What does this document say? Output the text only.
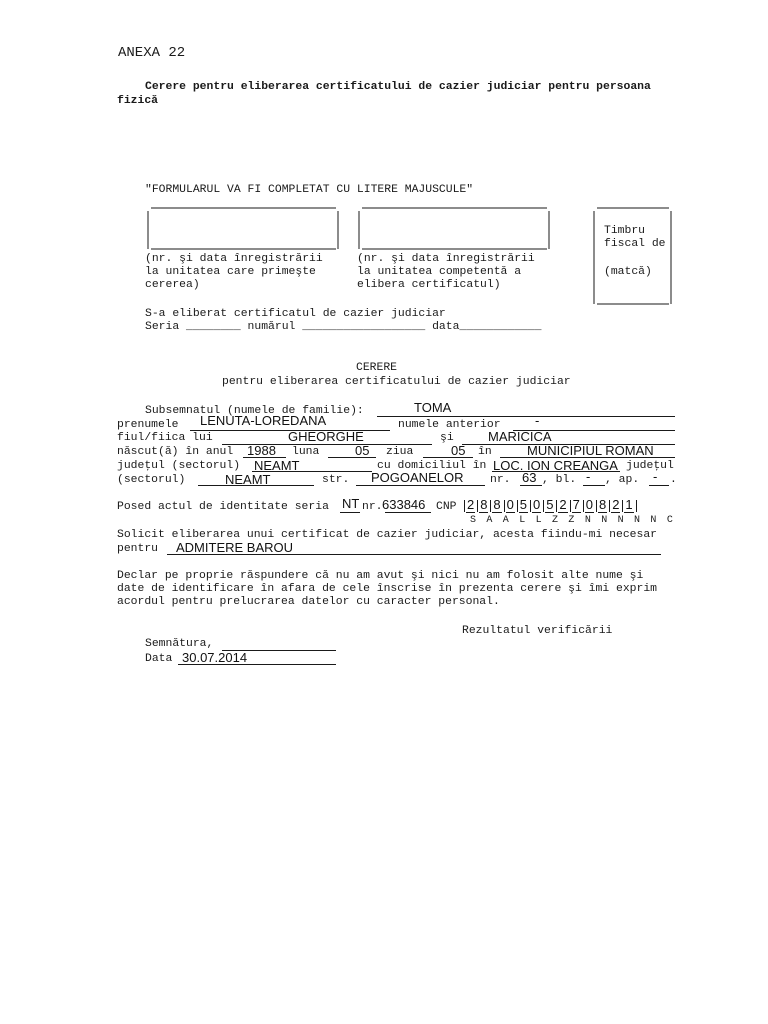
ANEXA 22
Cerere pentru eliberarea certificatului de cazier judiciar pentru persoana
fizică
"FORMULARUL VA FI COMPLETAT CU LITERE MAJUSCULE"
(nr. şi data înregistrării
la unitatea care primeşte
cererea)
(nr. şi data înregistrării
la unitatea competentă a
elibera certificatul)
Timbru
fiscal de
(matcă)
S-a eliberat certificatul de cazier judiciar
Seria ________ numărul __________________ data____________
CERERE
pentru eliberarea certificatului de cazier judiciar
Subsemnatul (numele de familie):	TOMA
prenumele LENUTA-LOREDANA	numele anterior	-
fiul/fiica lui	GHEORGHE	şi	MARICICA
născut(ă) în anul 1988 luna	05 ziua	05 în	MUNICIPIUL ROMAN
judeţul (sectorul) NEAMT	cu domiciliul în LOC. ION CREANGA judeţul
(sectorul)	NEAMT	str. POGOANELOR nr. 63 , bl. - , ap. - .
Posed actul de identitate seria NT nr. 633846 CNP 2 8 8 0 5 0 5 2 7 0 8 2 1
S A A L L Z Z N N N N N C
Solicit eliberarea unui certificat de cazier judiciar, acesta fiindu-mi necesar
pentru ADMITERE BAROU
Declar pe proprie răspundere că nu am avut şi nici nu am folosit alte nume şi
date de identificare în afara de cele înscrise în prezenta cerere şi îmi exprim
acordul pentru prelucrarea datelor cu caracter personal.
Rezultatul verificării
Semnătura,
Data 30.07.2014
